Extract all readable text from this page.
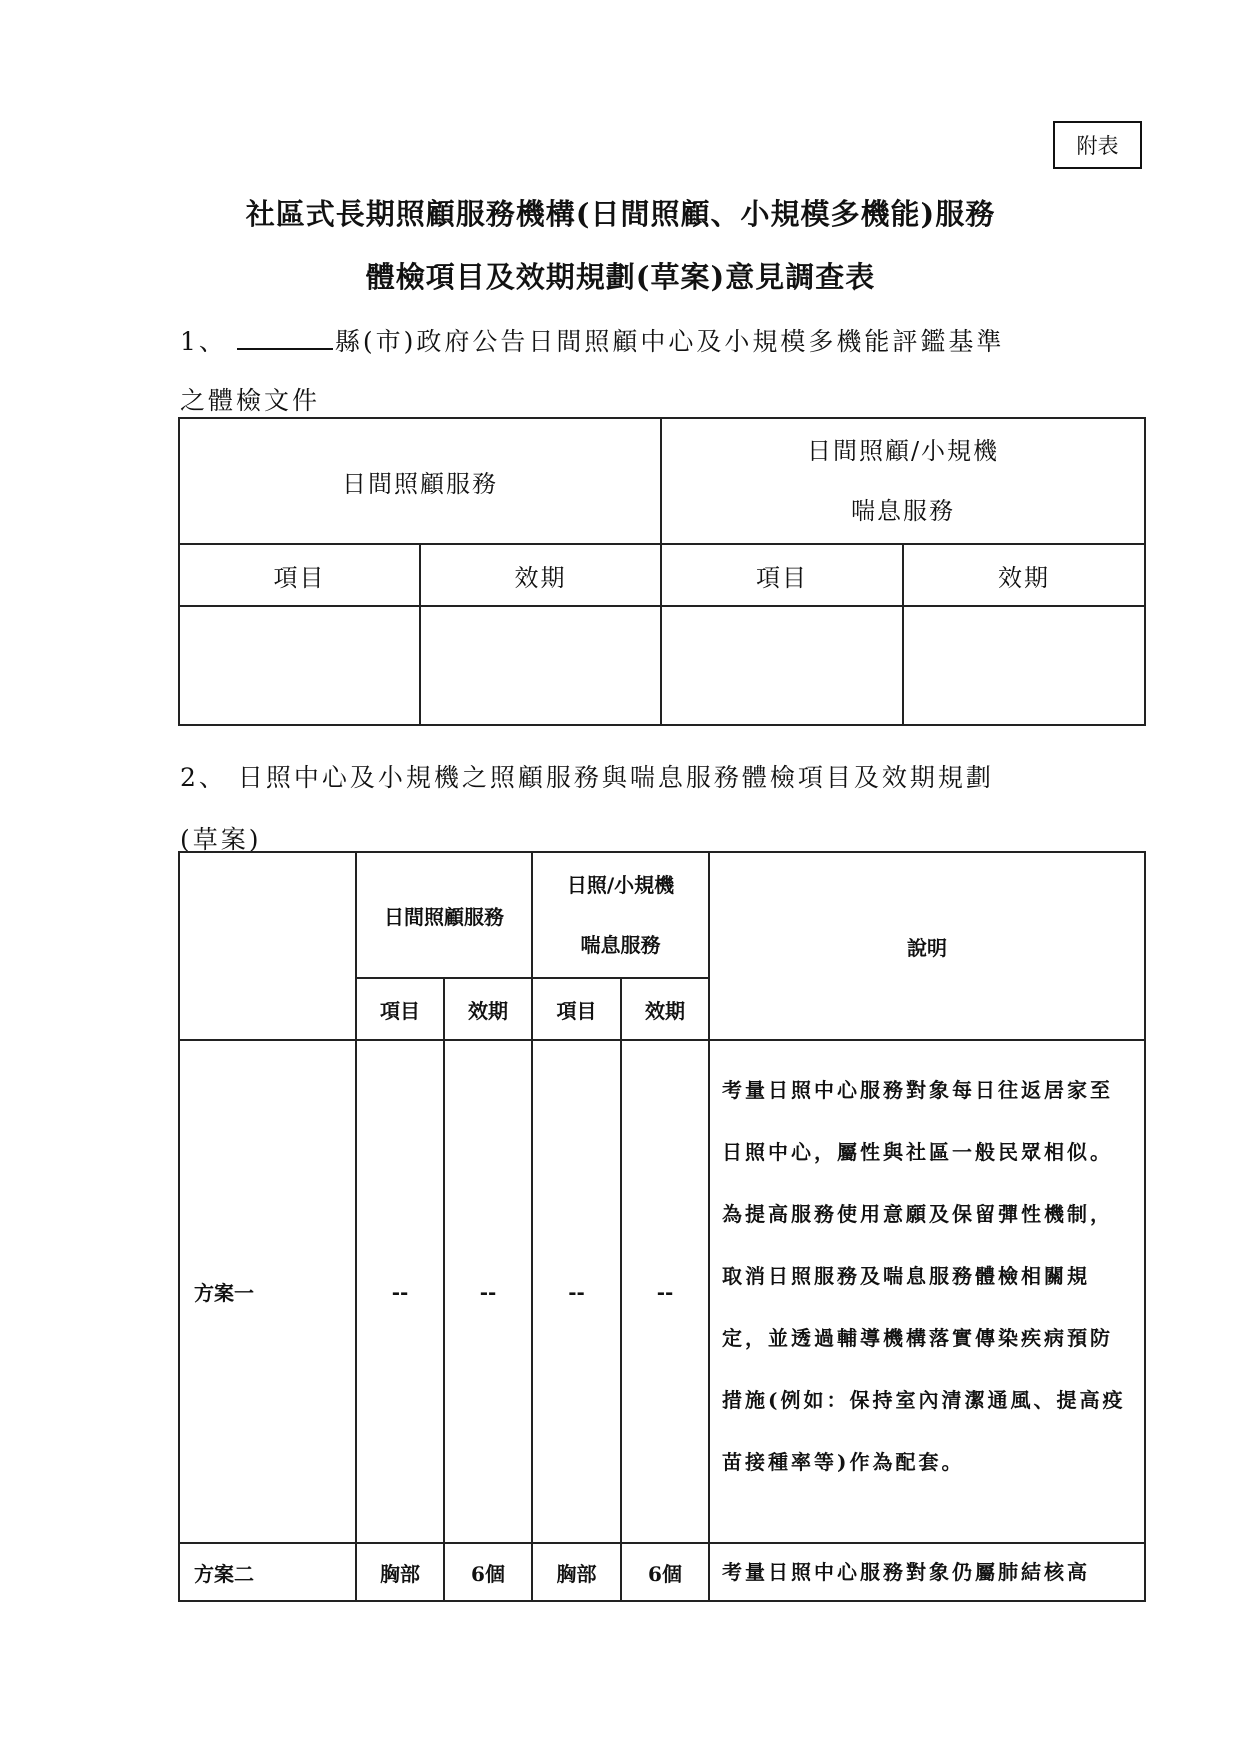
附表
社區式長期照顧服務機構(日間照顧、小規模多機能)服務
體檢項目及效期規劃(草案)意見調查表
1、	縣(市)政府公告日間照顧中心及小規模多機能評鑑基準
之體檢文件
日間照顧服務		日間照顧/小規機
喘息服務	

項目	效期	項目	效期

2、 日照中心及小規機之照顧服務與喘息服務體檢項目及效期規劃
(草案)
	日間照顧服務		日照/小規機
喘息服務		說明
	項目	效期	項目	效期	
方案一	--	--	--	--	考量日照中心服務對象每日往返居家至日照中心，屬性與社區一般民眾相似。為提高服務使用意願及保留彈性機制，取消日照服務及喘息服務體檢相關規定，並透過輔導機構落實傳染疾病預防措施(例如：保持室內清潔通風、提高疫苗接種率等)作為配套。
方案二	胸部	6個	胸部	6個	考量日照中心服務對象仍屬肺結核高
